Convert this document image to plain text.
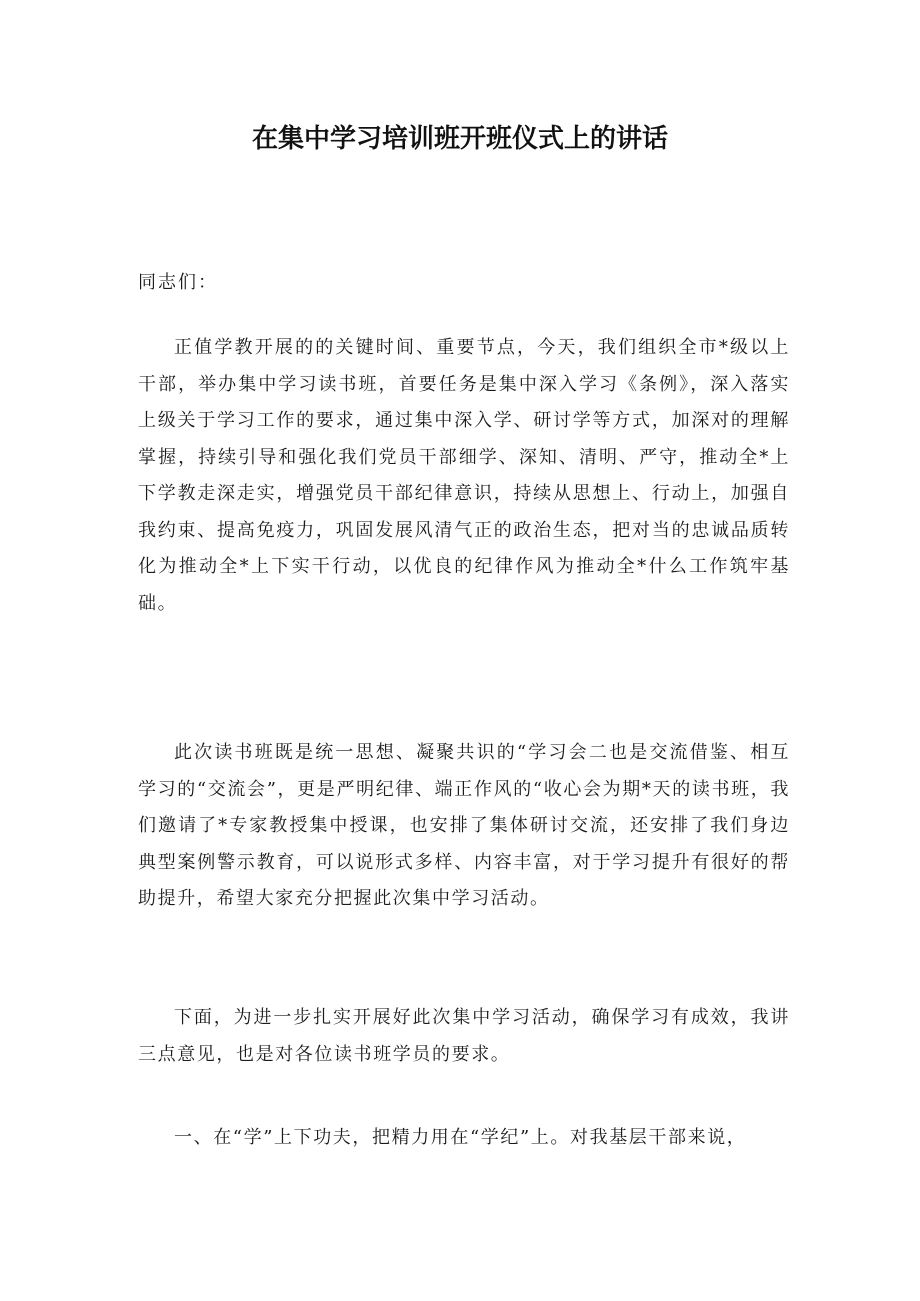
在集中学习培训班开班仪式上的讲话
同志们：

正值学教开展的的关键时间、重要节点，今天，我们组织全市*级以上干部，举办集中学习读书班，首要任务是集中深入学习《条例》，深入落实上级关于学习工作的要求，通过集中深入学、研讨学等方式，加深对的理解掌握，持续引导和强化我们党员干部细学、深知、清明、严守，推动全*上下学教走深走实，增强党员干部纪律意识，持续从思想上、行动上，加强自我约束、提高免疫力，巩固发展风清气正的政治生态，把对当的忠诚品质转化为推动全*上下实干行动，以优良的纪律作风为推动全*什么工作筑牢基础。

此次读书班既是统一思想、凝聚共识的“学习会二也是交流借鉴、相互学习的“交流会”，更是严明纪律、端正作风的“收心会为期*天的读书班，我们邀请了*专家教授集中授课，也安排了集体研讨交流，还安排了我们身边典型案例警示教育，可以说形式多样、内容丰富，对于学习提升有很好的帮助提升，希望大家充分把握此次集中学习活动。

下面，为进一步扎实开展好此次集中学习活动，确保学习有成效，我讲三点意见，也是对各位读书班学员的要求。

一、在“学”上下功夫，把精力用在“学纪”上。对我基层干部来说，
